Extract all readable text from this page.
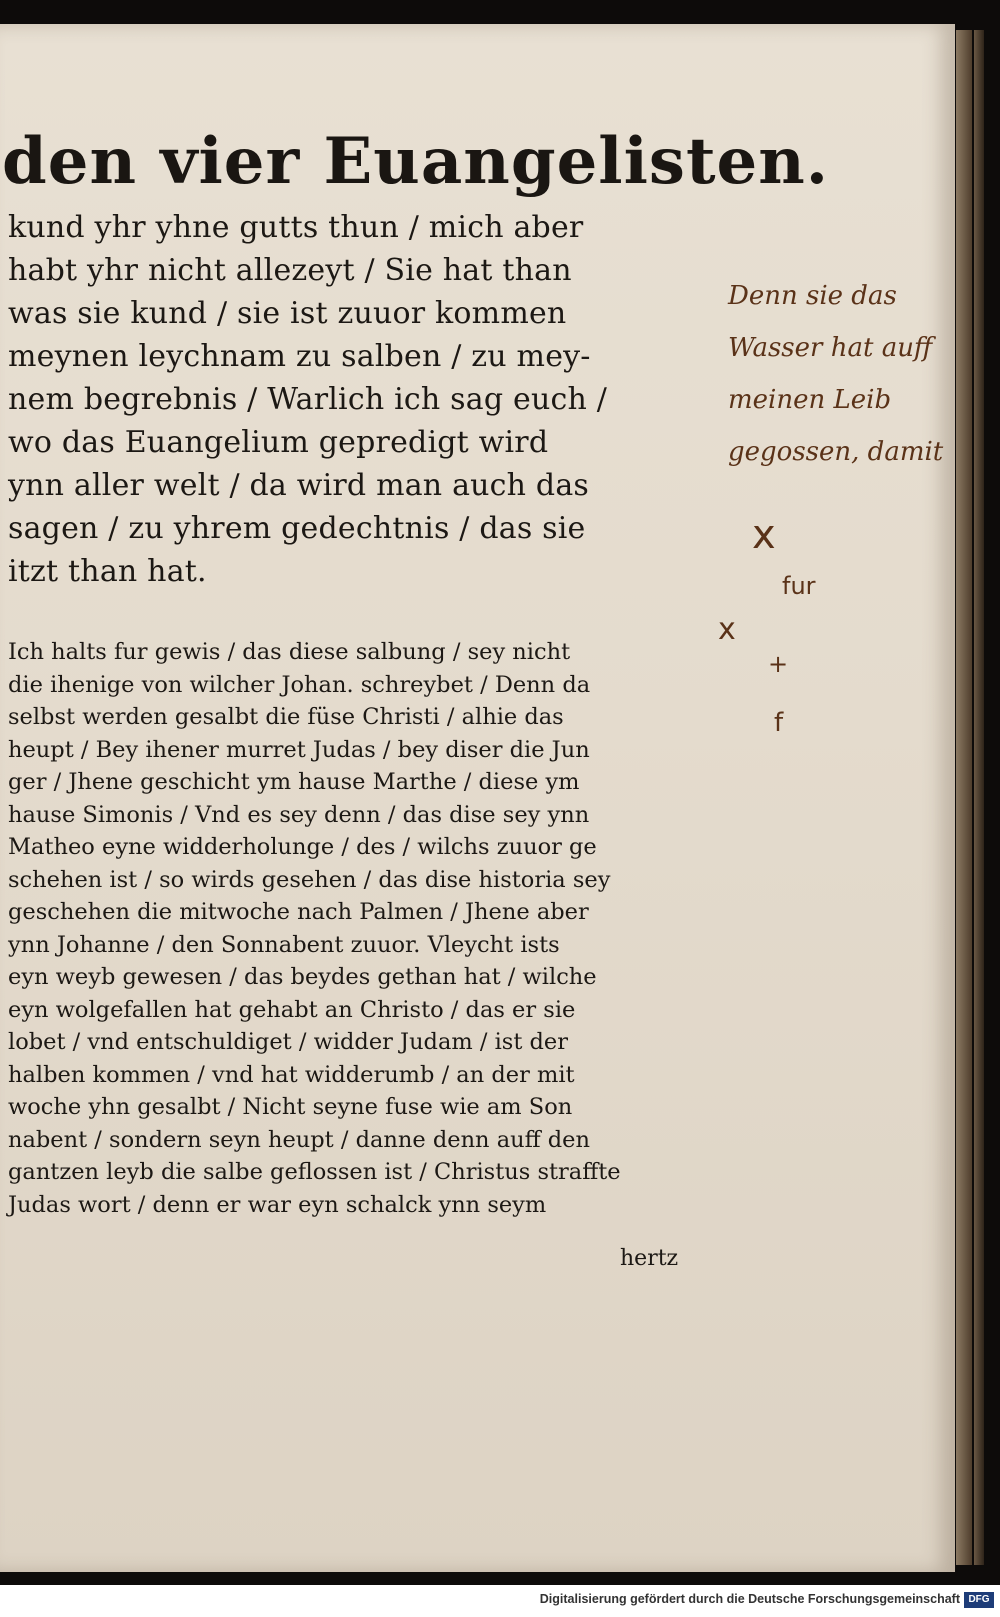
den vier Euangelisten.
kund yhr yhne gutts thun / mich aber
habt yhr nicht allezeyt / Sie hat than
was sie kund / sie ist zuuor kommen
meynen leychnam zu salben / zu mey-
nem begrebnis / Warlich ich sag euch /
wo das Euangelium gepredigt wird
ynn aller welt / da wird man auch das
sagen / zu yhrem gedechtnis / das sie
itzt than hat.
Ich halts fur gewis / das diese salbung / sey nicht
die ihenige von wilcher Johan. schreybet / Denn da
selbst werden gesalbt die füse Christi / alhie das
heupt / Bey ihener murret Judas / bey diser die Jun
ger / Jhene geschicht ym hause Marthe / diese ym
hause Simonis / Vnd es sey denn / das dise sey ynn
Matheo eyne widderholunge / des / wilchs zuuor ge
schehen ist / so wirds gesehen / das dise historia sey
geschehen die mitwoche nach Palmen / Jhene aber
ynn Johanne / den Sonnabent zuuor. Vleycht ists
eyn weyb gewesen / das beydes gethan hat / wilche
eyn wolgefallen hat gehabt an Christo / das er sie
lobet / vnd entschuldiget / widder Judam / ist der
halben kommen / vnd hat widderumb / an der mit
woche yhn gesalbt / Nicht seyne fuse wie am Son
nabent / sondern seyn heupt / danne denn auff den
gantzen leyb die salbe geflossen ist / Christus straffte
Judas wort / denn er war eyn schalck ynn seym
hertz
Denn sie das
Wasser hat auff
meinen Leib
gegossen, damit
x
fur
x
+
f
Digitalisierung gefördert durch die Deutsche Forschungsgemeinschaft DFG
